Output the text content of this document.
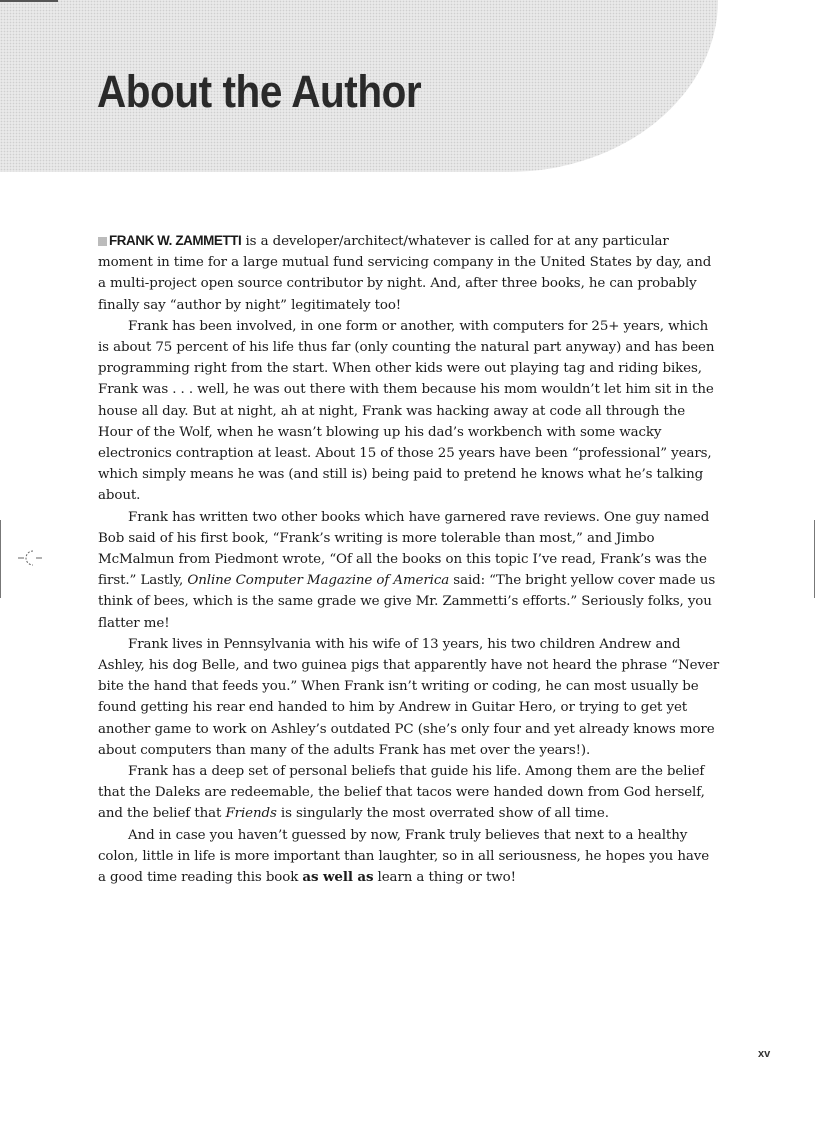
About the Author

FRANK W. ZAMMETTI is a developer/architect/whatever is called for at any particular moment in time for a large mutual fund servicing company in the United States by day, and a multi-project open source contributor by night. And, after three books, he can probably finally say “author by night” legitimately too!

Frank has been involved, in one form or another, with computers for 25+ years, which is about 75 percent of his life thus far (only counting the natural part anyway) and has been programming right from the start. When other kids were out playing tag and riding bikes, Frank was . . . well, he was out there with them because his mom wouldn’t let him sit in the house all day. But at night, ah at night, Frank was hacking away at code all through the Hour of the Wolf, when he wasn’t blowing up his dad’s workbench with some wacky electronics contraption at least. About 15 of those 25 years have been “professional” years, which simply means he was (and still is) being paid to pretend he knows what he’s talking about.

Frank has written two other books which have garnered rave reviews. One guy named Bob said of his first book, “Frank’s writing is more tolerable than most,” and Jimbo McMalmun from Piedmont wrote, “Of all the books on this topic I’ve read, Frank’s was the first.” Lastly, Online Computer Magazine of America said: “The bright yellow cover made us think of bees, which is the same grade we give Mr. Zammetti’s efforts.” Seriously folks, you flatter me!

Frank lives in Pennsylvania with his wife of 13 years, his two children Andrew and Ashley, his dog Belle, and two guinea pigs that apparently have not heard the phrase “Never bite the hand that feeds you.” When Frank isn’t writing or coding, he can most usually be found getting his rear end handed to him by Andrew in Guitar Hero, or trying to get yet another game to work on Ashley’s outdated PC (she’s only four and yet already knows more about computers than many of the adults Frank has met over the years!).

Frank has a deep set of personal beliefs that guide his life. Among them are the belief that the Daleks are redeemable, the belief that tacos were handed down from God herself, and the belief that Friends is singularly the most overrated show of all time.

And in case you haven’t guessed by now, Frank truly believes that next to a healthy colon, little in life is more important than laughter, so in all seriousness, he hopes you have a good time reading this book as well as learn a thing or two!

xv
